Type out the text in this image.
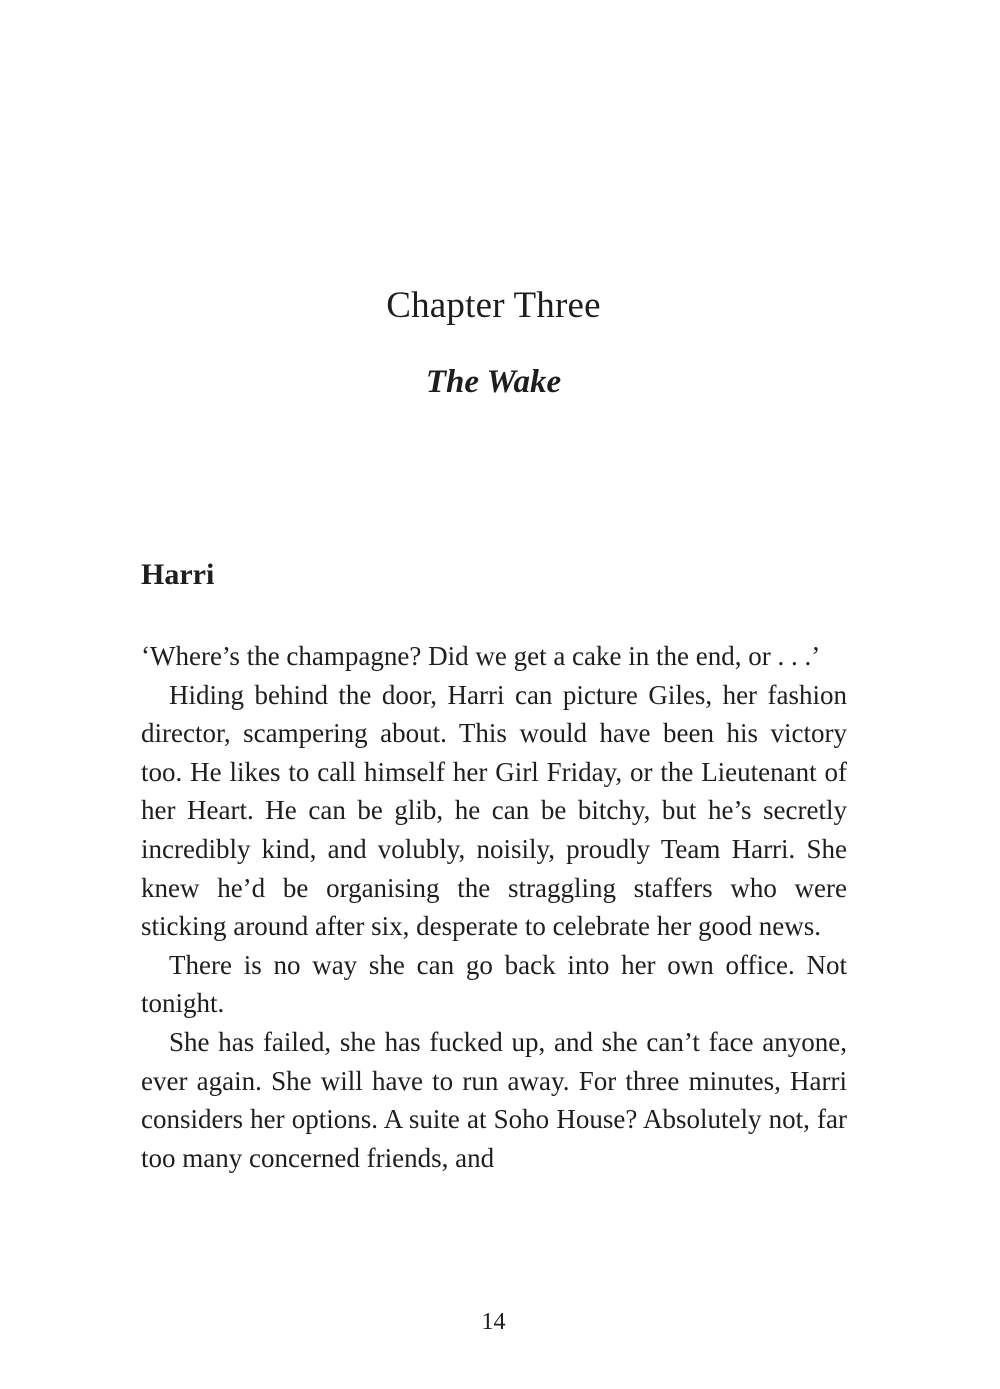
Chapter Three
The Wake
Harri

‘Where’s the champagne? Did we get a cake in the end, or . . .’

Hiding behind the door, Harri can picture Giles, her fashion director, scampering about. This would have been his victory too. He likes to call himself her Girl Friday, or the Lieutenant of her Heart. He can be glib, he can be bitchy, but he’s secretly incredibly kind, and volubly, noisily, proudly Team Harri. She knew he’d be organising the straggling staffers who were sticking around after six, desperate to celebrate her good news.

There is no way she can go back into her own office. Not tonight.

She has failed, she has fucked up, and she can’t face anyone, ever again. She will have to run away. For three minutes, Harri considers her options. A suite at Soho House? Absolutely not, far too many concerned friends, and

14
